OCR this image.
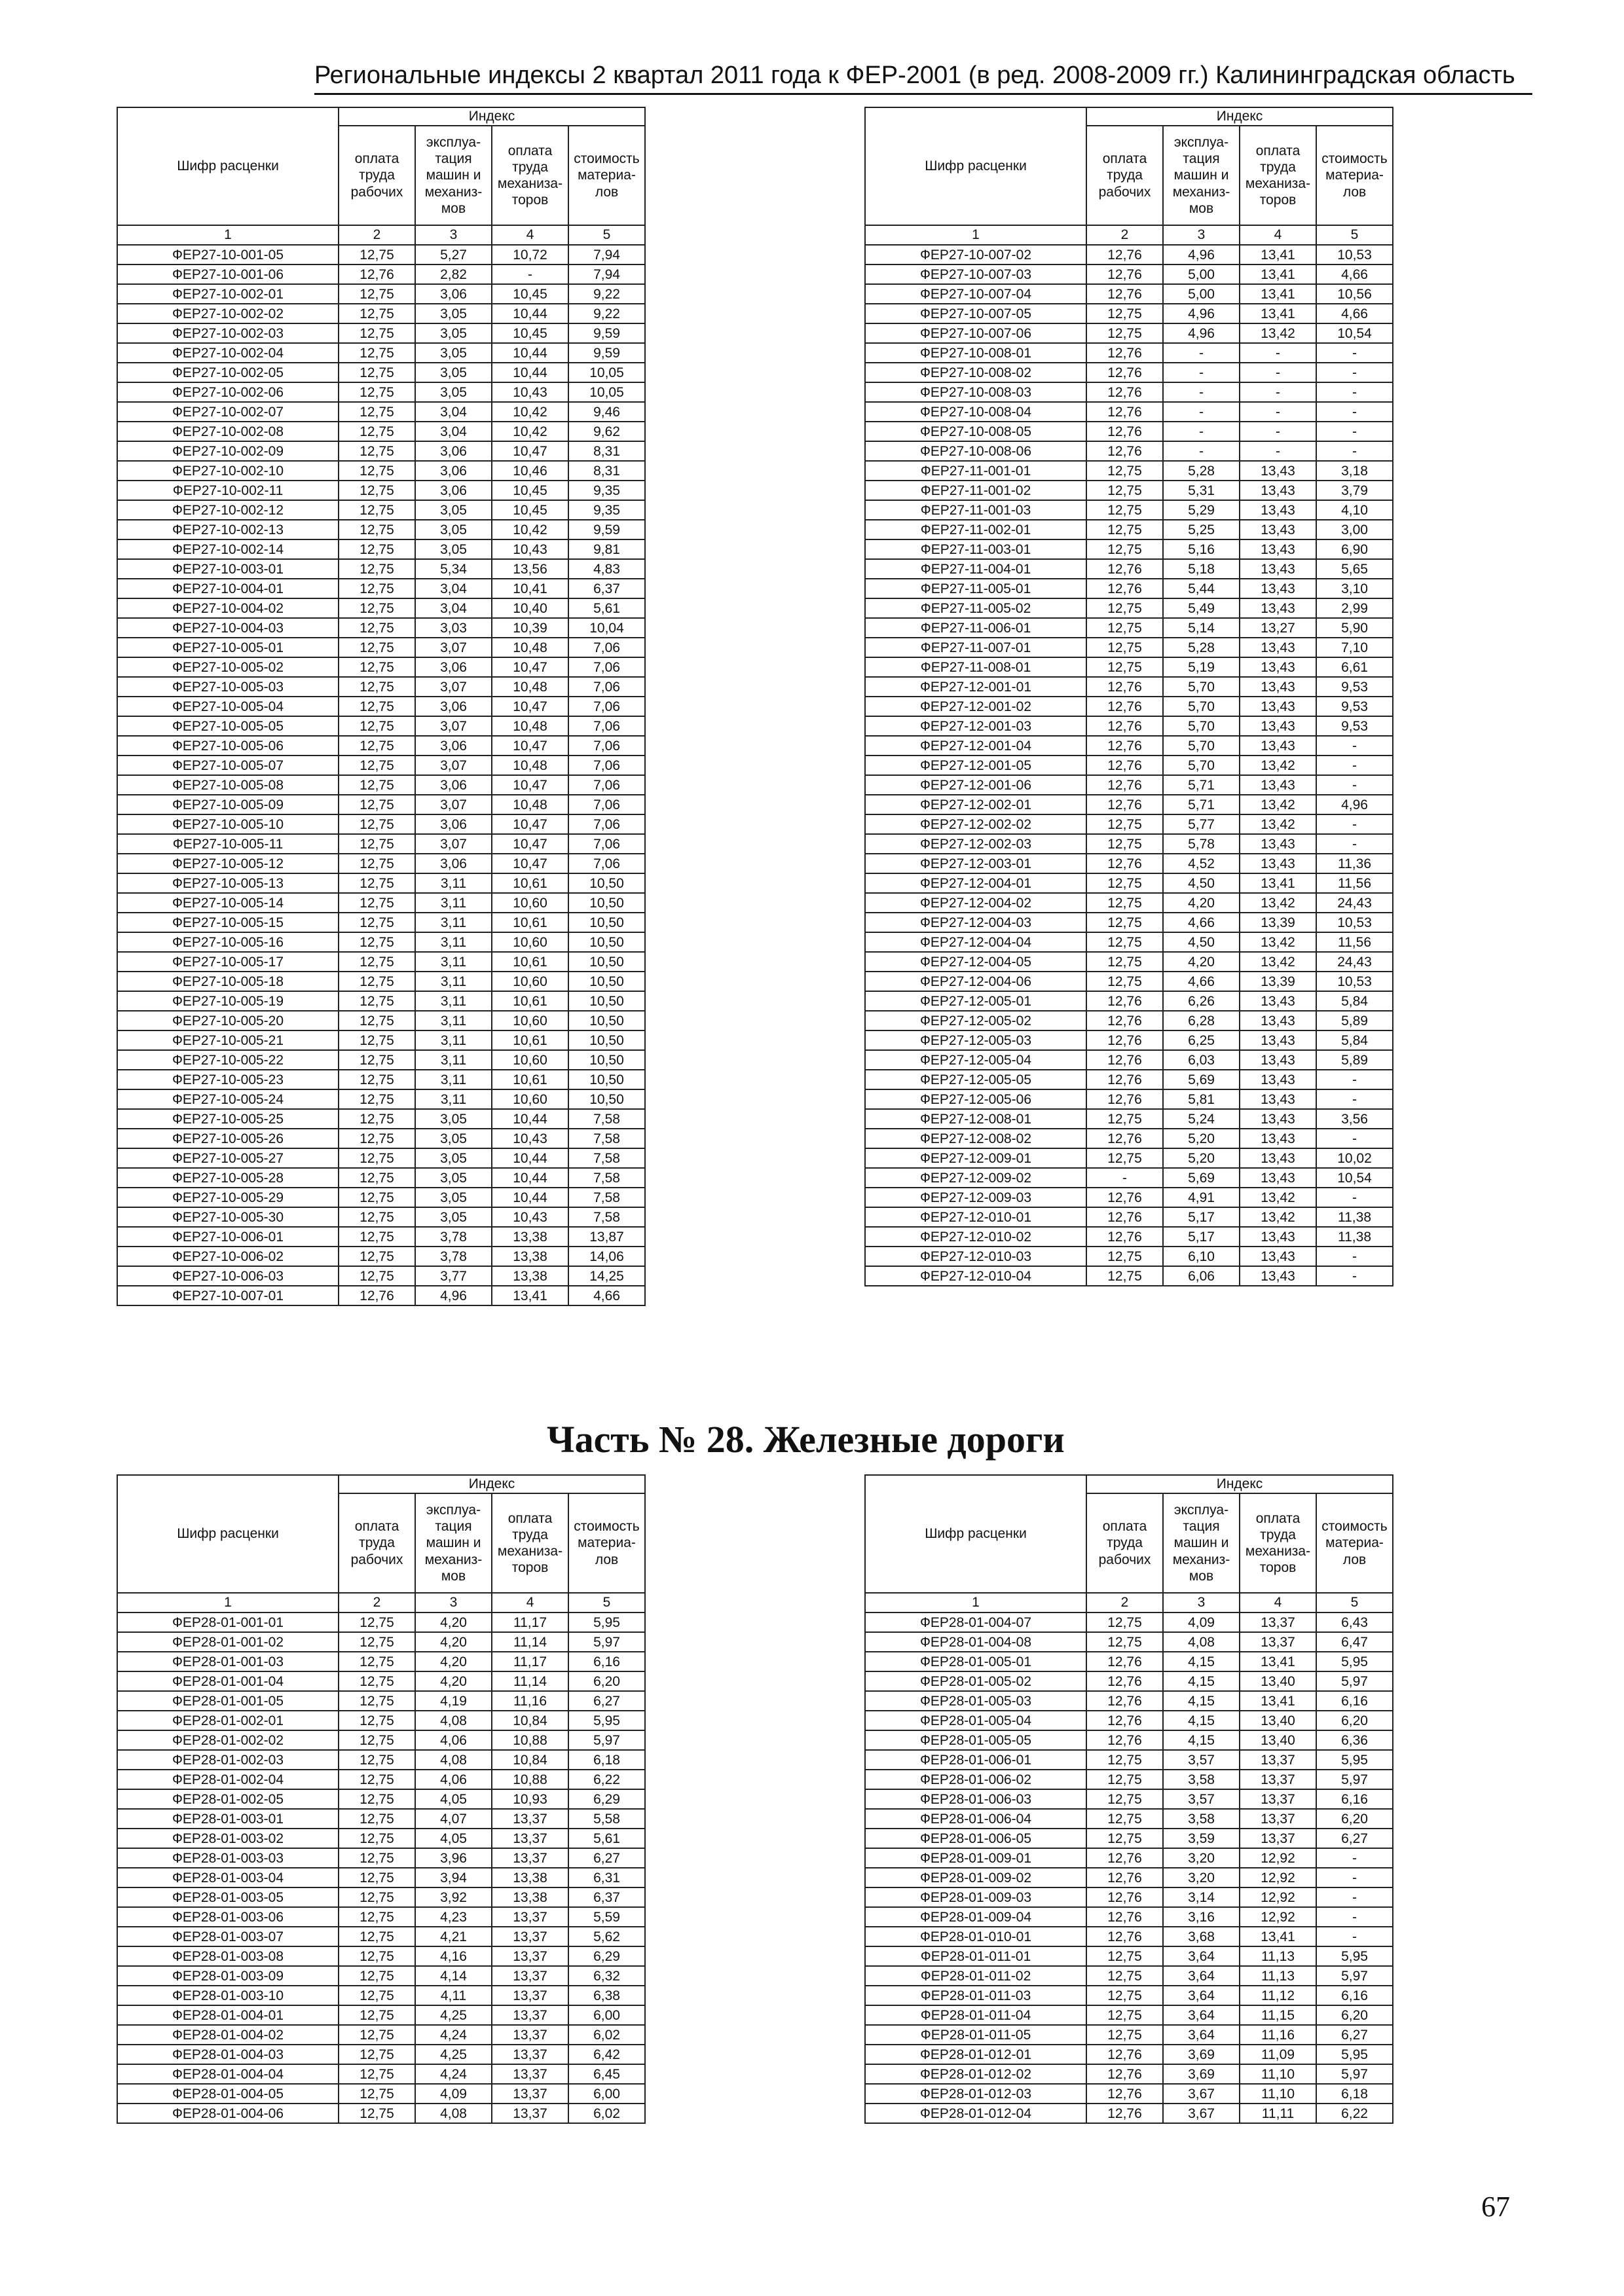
Региональные индексы 2 квартал 2011 года к ФЕР-2001 (в ред. 2008-2009 гг.) Калининградская область
Шифр расценки	Индекс			
	оплата труда рабочих	эксплуа-тация машин и механиз-мов	оплата труда механиза-торов	стоимость материа-лов
1	2	3	4	5
ФЕР27-10-001-05	12,75	5,27	10,72	7,94
ФЕР27-10-001-06	12,76	2,82	-	7,94
ФЕР27-10-002-01	12,75	3,06	10,45	9,22
ФЕР27-10-002-02	12,75	3,05	10,44	9,22
ФЕР27-10-002-03	12,75	3,05	10,45	9,59
ФЕР27-10-002-04	12,75	3,05	10,44	9,59
ФЕР27-10-002-05	12,75	3,05	10,44	10,05
ФЕР27-10-002-06	12,75	3,05	10,43	10,05
ФЕР27-10-002-07	12,75	3,04	10,42	9,46
ФЕР27-10-002-08	12,75	3,04	10,42	9,62
ФЕР27-10-002-09	12,75	3,06	10,47	8,31
ФЕР27-10-002-10	12,75	3,06	10,46	8,31
ФЕР27-10-002-11	12,75	3,06	10,45	9,35
ФЕР27-10-002-12	12,75	3,05	10,45	9,35
ФЕР27-10-002-13	12,75	3,05	10,42	9,59
ФЕР27-10-002-14	12,75	3,05	10,43	9,81
ФЕР27-10-003-01	12,75	5,34	13,56	4,83
ФЕР27-10-004-01	12,75	3,04	10,41	6,37
ФЕР27-10-004-02	12,75	3,04	10,40	5,61
ФЕР27-10-004-03	12,75	3,03	10,39	10,04
ФЕР27-10-005-01	12,75	3,07	10,48	7,06
ФЕР27-10-005-02	12,75	3,06	10,47	7,06
ФЕР27-10-005-03	12,75	3,07	10,48	7,06
ФЕР27-10-005-04	12,75	3,06	10,47	7,06
ФЕР27-10-005-05	12,75	3,07	10,48	7,06
ФЕР27-10-005-06	12,75	3,06	10,47	7,06
ФЕР27-10-005-07	12,75	3,07	10,48	7,06
ФЕР27-10-005-08	12,75	3,06	10,47	7,06
ФЕР27-10-005-09	12,75	3,07	10,48	7,06
ФЕР27-10-005-10	12,75	3,06	10,47	7,06
ФЕР27-10-005-11	12,75	3,07	10,47	7,06
ФЕР27-10-005-12	12,75	3,06	10,47	7,06
ФЕР27-10-005-13	12,75	3,11	10,61	10,50
ФЕР27-10-005-14	12,75	3,11	10,60	10,50
ФЕР27-10-005-15	12,75	3,11	10,61	10,50
ФЕР27-10-005-16	12,75	3,11	10,60	10,50
ФЕР27-10-005-17	12,75	3,11	10,61	10,50
ФЕР27-10-005-18	12,75	3,11	10,60	10,50
ФЕР27-10-005-19	12,75	3,11	10,61	10,50
ФЕР27-10-005-20	12,75	3,11	10,60	10,50
ФЕР27-10-005-21	12,75	3,11	10,61	10,50
ФЕР27-10-005-22	12,75	3,11	10,60	10,50
ФЕР27-10-005-23	12,75	3,11	10,61	10,50
ФЕР27-10-005-24	12,75	3,11	10,60	10,50
ФЕР27-10-005-25	12,75	3,05	10,44	7,58
ФЕР27-10-005-26	12,75	3,05	10,43	7,58
ФЕР27-10-005-27	12,75	3,05	10,44	7,58
ФЕР27-10-005-28	12,75	3,05	10,44	7,58
ФЕР27-10-005-29	12,75	3,05	10,44	7,58
ФЕР27-10-005-30	12,75	3,05	10,43	7,58
ФЕР27-10-006-01	12,75	3,78	13,38	13,87
ФЕР27-10-006-02	12,75	3,78	13,38	14,06
ФЕР27-10-006-03	12,75	3,77	13,38	14,25
ФЕР27-10-007-01	12,76	4,96	13,41	4,66
Шифр расценки	Индекс			
	оплата труда рабочих	эксплуа-тация машин и механиз-мов	оплата труда механиза-торов	стоимость материа-лов
1	2	3	4	5
ФЕР27-10-007-02	12,76	4,96	13,41	10,53
ФЕР27-10-007-03	12,76	5,00	13,41	4,66
ФЕР27-10-007-04	12,76	5,00	13,41	10,56
ФЕР27-10-007-05	12,75	4,96	13,41	4,66
ФЕР27-10-007-06	12,75	4,96	13,42	10,54
ФЕР27-10-008-01	12,76	-	-	-
ФЕР27-10-008-02	12,76	-	-	-
ФЕР27-10-008-03	12,76	-	-	-
ФЕР27-10-008-04	12,76	-	-	-
ФЕР27-10-008-05	12,76	-	-	-
ФЕР27-10-008-06	12,76	-	-	-
ФЕР27-11-001-01	12,75	5,28	13,43	3,18
ФЕР27-11-001-02	12,75	5,31	13,43	3,79
ФЕР27-11-001-03	12,75	5,29	13,43	4,10
ФЕР27-11-002-01	12,75	5,25	13,43	3,00
ФЕР27-11-003-01	12,75	5,16	13,43	6,90
ФЕР27-11-004-01	12,76	5,18	13,43	5,65
ФЕР27-11-005-01	12,76	5,44	13,43	3,10
ФЕР27-11-005-02	12,75	5,49	13,43	2,99
ФЕР27-11-006-01	12,75	5,14	13,27	5,90
ФЕР27-11-007-01	12,75	5,28	13,43	7,10
ФЕР27-11-008-01	12,75	5,19	13,43	6,61
ФЕР27-12-001-01	12,76	5,70	13,43	9,53
ФЕР27-12-001-02	12,76	5,70	13,43	9,53
ФЕР27-12-001-03	12,76	5,70	13,43	9,53
ФЕР27-12-001-04	12,76	5,70	13,43	-
ФЕР27-12-001-05	12,76	5,70	13,42	-
ФЕР27-12-001-06	12,76	5,71	13,43	-
ФЕР27-12-002-01	12,76	5,71	13,42	4,96
ФЕР27-12-002-02	12,75	5,77	13,42	-
ФЕР27-12-002-03	12,75	5,78	13,43	-
ФЕР27-12-003-01	12,76	4,52	13,43	11,36
ФЕР27-12-004-01	12,75	4,50	13,41	11,56
ФЕР27-12-004-02	12,75	4,20	13,42	24,43
ФЕР27-12-004-03	12,75	4,66	13,39	10,53
ФЕР27-12-004-04	12,75	4,50	13,42	11,56
ФЕР27-12-004-05	12,75	4,20	13,42	24,43
ФЕР27-12-004-06	12,75	4,66	13,39	10,53
ФЕР27-12-005-01	12,76	6,26	13,43	5,84
ФЕР27-12-005-02	12,76	6,28	13,43	5,89
ФЕР27-12-005-03	12,76	6,25	13,43	5,84
ФЕР27-12-005-04	12,76	6,03	13,43	5,89
ФЕР27-12-005-05	12,76	5,69	13,43	-
ФЕР27-12-005-06	12,76	5,81	13,43	-
ФЕР27-12-008-01	12,75	5,24	13,43	3,56
ФЕР27-12-008-02	12,76	5,20	13,43	-
ФЕР27-12-009-01	12,75	5,20	13,43	10,02
ФЕР27-12-009-02	-	5,69	13,43	10,54
ФЕР27-12-009-03	12,76	4,91	13,42	-
ФЕР27-12-010-01	12,76	5,17	13,42	11,38
ФЕР27-12-010-02	12,76	5,17	13,43	11,38
ФЕР27-12-010-03	12,75	6,10	13,43	-
ФЕР27-12-010-04	12,75	6,06	13,43	-
Часть № 28. Железные дороги
Шифр расценки	Индекс			
	оплата труда рабочих	эксплуа-тация машин и механиз-мов	оплата труда механиза-торов	стоимость материа-лов
1	2	3	4	5
ФЕР28-01-001-01	12,75	4,20	11,17	5,95
ФЕР28-01-001-02	12,75	4,20	11,14	5,97
ФЕР28-01-001-03	12,75	4,20	11,17	6,16
ФЕР28-01-001-04	12,75	4,20	11,14	6,20
ФЕР28-01-001-05	12,75	4,19	11,16	6,27
ФЕР28-01-002-01	12,75	4,08	10,84	5,95
ФЕР28-01-002-02	12,75	4,06	10,88	5,97
ФЕР28-01-002-03	12,75	4,08	10,84	6,18
ФЕР28-01-002-04	12,75	4,06	10,88	6,22
ФЕР28-01-002-05	12,75	4,05	10,93	6,29
ФЕР28-01-003-01	12,75	4,07	13,37	5,58
ФЕР28-01-003-02	12,75	4,05	13,37	5,61
ФЕР28-01-003-03	12,75	3,96	13,37	6,27
ФЕР28-01-003-04	12,75	3,94	13,38	6,31
ФЕР28-01-003-05	12,75	3,92	13,38	6,37
ФЕР28-01-003-06	12,75	4,23	13,37	5,59
ФЕР28-01-003-07	12,75	4,21	13,37	5,62
ФЕР28-01-003-08	12,75	4,16	13,37	6,29
ФЕР28-01-003-09	12,75	4,14	13,37	6,32
ФЕР28-01-003-10	12,75	4,11	13,37	6,38
ФЕР28-01-004-01	12,75	4,25	13,37	6,00
ФЕР28-01-004-02	12,75	4,24	13,37	6,02
ФЕР28-01-004-03	12,75	4,25	13,37	6,42
ФЕР28-01-004-04	12,75	4,24	13,37	6,45
ФЕР28-01-004-05	12,75	4,09	13,37	6,00
ФЕР28-01-004-06	12,75	4,08	13,37	6,02
Шифр расценки	Индекс			
	оплата труда рабочих	эксплуа-тация машин и механиз-мов	оплата труда механиза-торов	стоимость материа-лов
1	2	3	4	5
ФЕР28-01-004-07	12,75	4,09	13,37	6,43
ФЕР28-01-004-08	12,75	4,08	13,37	6,47
ФЕР28-01-005-01	12,76	4,15	13,41	5,95
ФЕР28-01-005-02	12,76	4,15	13,40	5,97
ФЕР28-01-005-03	12,76	4,15	13,41	6,16
ФЕР28-01-005-04	12,76	4,15	13,40	6,20
ФЕР28-01-005-05	12,76	4,15	13,40	6,36
ФЕР28-01-006-01	12,75	3,57	13,37	5,95
ФЕР28-01-006-02	12,75	3,58	13,37	5,97
ФЕР28-01-006-03	12,75	3,57	13,37	6,16
ФЕР28-01-006-04	12,75	3,58	13,37	6,20
ФЕР28-01-006-05	12,75	3,59	13,37	6,27
ФЕР28-01-009-01	12,76	3,20	12,92	-
ФЕР28-01-009-02	12,76	3,20	12,92	-
ФЕР28-01-009-03	12,76	3,14	12,92	-
ФЕР28-01-009-04	12,76	3,16	12,92	-
ФЕР28-01-010-01	12,76	3,68	13,41	-
ФЕР28-01-011-01	12,75	3,64	11,13	5,95
ФЕР28-01-011-02	12,75	3,64	11,13	5,97
ФЕР28-01-011-03	12,75	3,64	11,12	6,16
ФЕР28-01-011-04	12,75	3,64	11,15	6,20
ФЕР28-01-011-05	12,75	3,64	11,16	6,27
ФЕР28-01-012-01	12,76	3,69	11,09	5,95
ФЕР28-01-012-02	12,76	3,69	11,10	5,97
ФЕР28-01-012-03	12,76	3,67	11,10	6,18
ФЕР28-01-012-04	12,76	3,67	11,11	6,22
67
